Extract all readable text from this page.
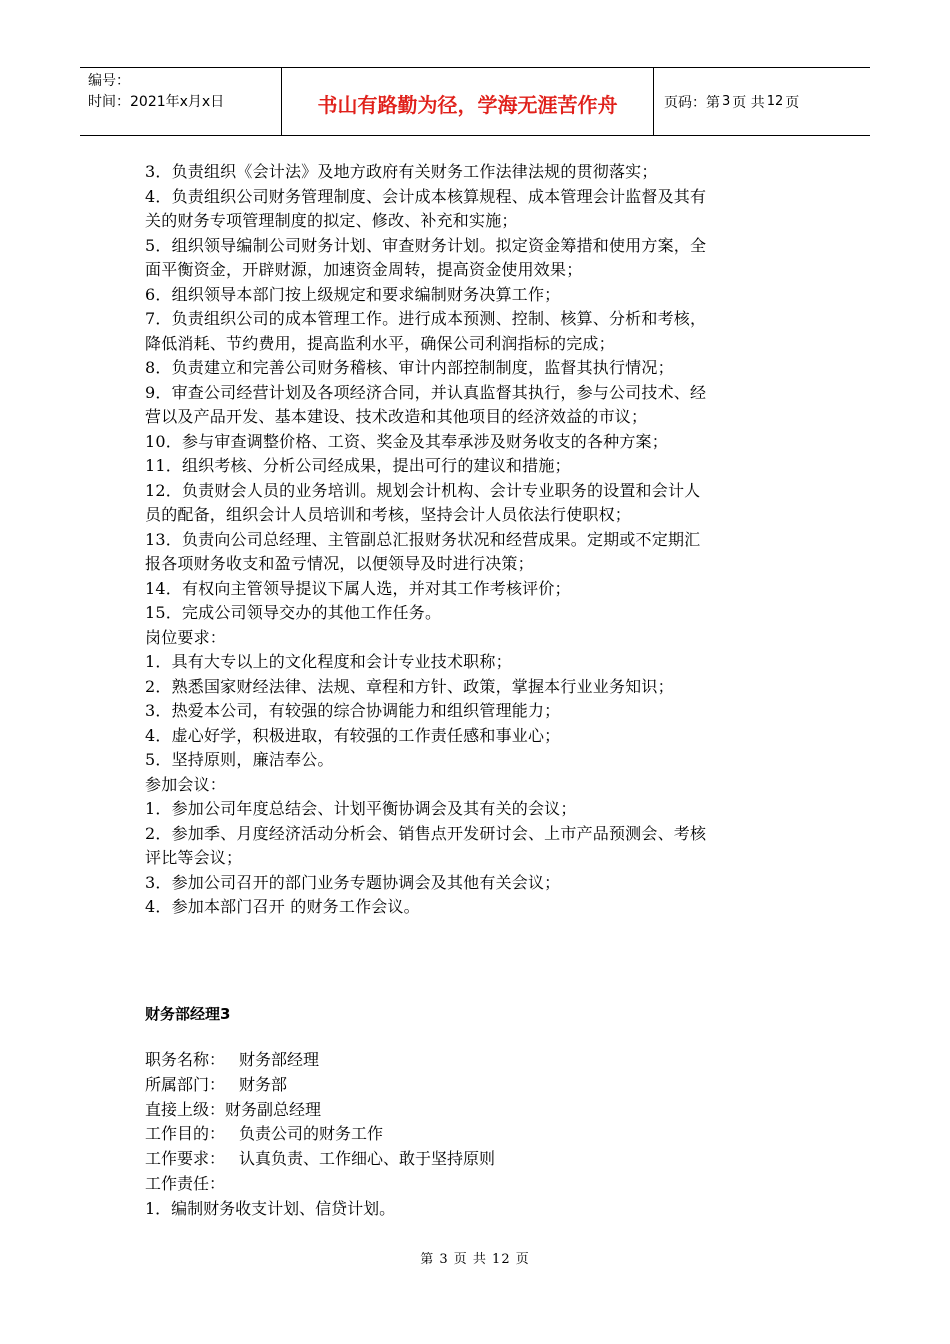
编号：
时间：2021年x月x日	书山有路勤为径，学海无涯苦作舟	页码：第 3 页 共 12 页

3．负责组织《会计法》及地方政府有关财务工作法律法规的贯彻落实；

4．负责组织公司财务管理制度、会计成本核算规程、成本管理会计监督及其有

关的财务专项管理制度的拟定、修改、补充和实施；

5．组织领导编制公司财务计划、审查财务计划。拟定资金筹措和使用方案，全

面平衡资金，开辟财源，加速资金周转，提高资金使用效果；

6．组织领导本部门按上级规定和要求编制财务决算工作；

7．负责组织公司的成本管理工作。进行成本预测、控制、核算、分析和考核，

降低消耗、节约费用，提高监利水平，确保公司利润指标的完成；

8．负责建立和完善公司财务稽核、审计内部控制制度，监督其执行情况；

9．审查公司经营计划及各项经济合同，并认真监督其执行，参与公司技术、经

营以及产品开发、基本建设、技术改造和其他项目的经济效益的市议；

10．参与审查调整价格、工资、奖金及其奉承涉及财务收支的各种方案；

11．组织考核、分析公司经成果，提出可行的建议和措施；

12．负责财会人员的业务培训。规划会计机构、会计专业职务的设置和会计人

员的配备，组织会计人员培训和考核，坚持会计人员依法行使职权；

13．负责向公司总经理、主管副总汇报财务状况和经营成果。定期或不定期汇

报各项财务收支和盈亏情况，以便领导及时进行决策；

14．有权向主管领导提议下属人选，并对其工作考核评价；

15．完成公司领导交办的其他工作任务。

岗位要求：

1．具有大专以上的文化程度和会计专业技术职称；

2．熟悉国家财经法律、法规、章程和方针、政策，掌握本行业业务知识；

3．热爱本公司，有较强的综合协调能力和组织管理能力；

4．虚心好学，积极进取，有较强的工作责任感和事业心；

5．坚持原则，廉洁奉公。

参加会议：

1．参加公司年度总结会、计划平衡协调会及其有关的会议；

2．参加季、月度经济活动分析会、销售点开发研讨会、上市产品预测会、考核

评比等会议；

3．参加公司召开的部门业务专题协调会及其他有关会议；

4．参加本部门召开 的财务工作会议。

财务部经理3

职务名称： 财务部经理

所属部门： 财务部

直接上级：财务副总经理

工作目的： 负责公司的财务工作

工作要求： 认真负责、工作细心、敢于坚持原则

工作责任：

1．编制财务收支计划、信贷计划。

第 3 页 共 12 页
